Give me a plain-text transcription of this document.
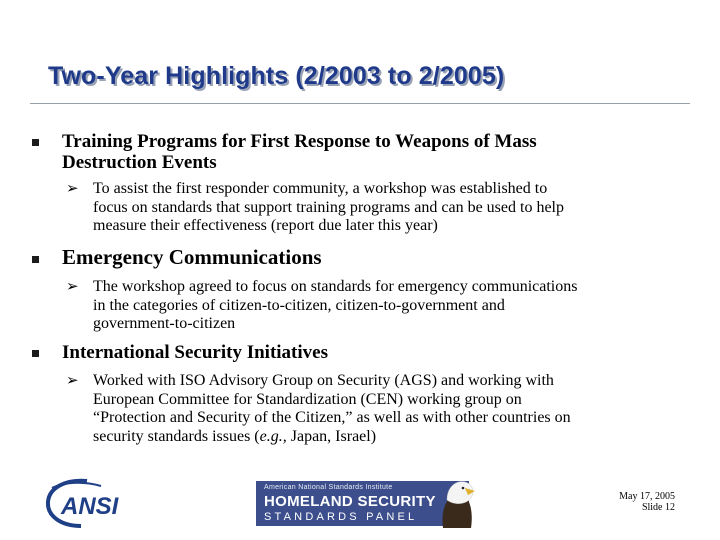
Two-Year Highlights (2/2003 to 2/2005)
Training Programs for First Response to Weapons of Mass
Destruction Events
➢ To assist the first responder community, a workshop was established to
focus on standards that support training programs and can be used to help
measure their effectiveness (report due later this year)
Emergency Communications
➢ The workshop agreed to focus on standards for emergency communications
in the categories of citizen-to-citizen, citizen-to-government and
government-to-citizen
International Security Initiatives
➢ Worked with ISO Advisory Group on Security (AGS) and working with
European Committee for Standardization (CEN) working group on
“Protection and Security of the Citizen,” as well as with other countries on
security standards issues (e.g., Japan, Israel)
ANSI
American National Standards Institute
HOMELAND SECURITY
STANDARDS PANEL
May 17, 2005
Slide 12
